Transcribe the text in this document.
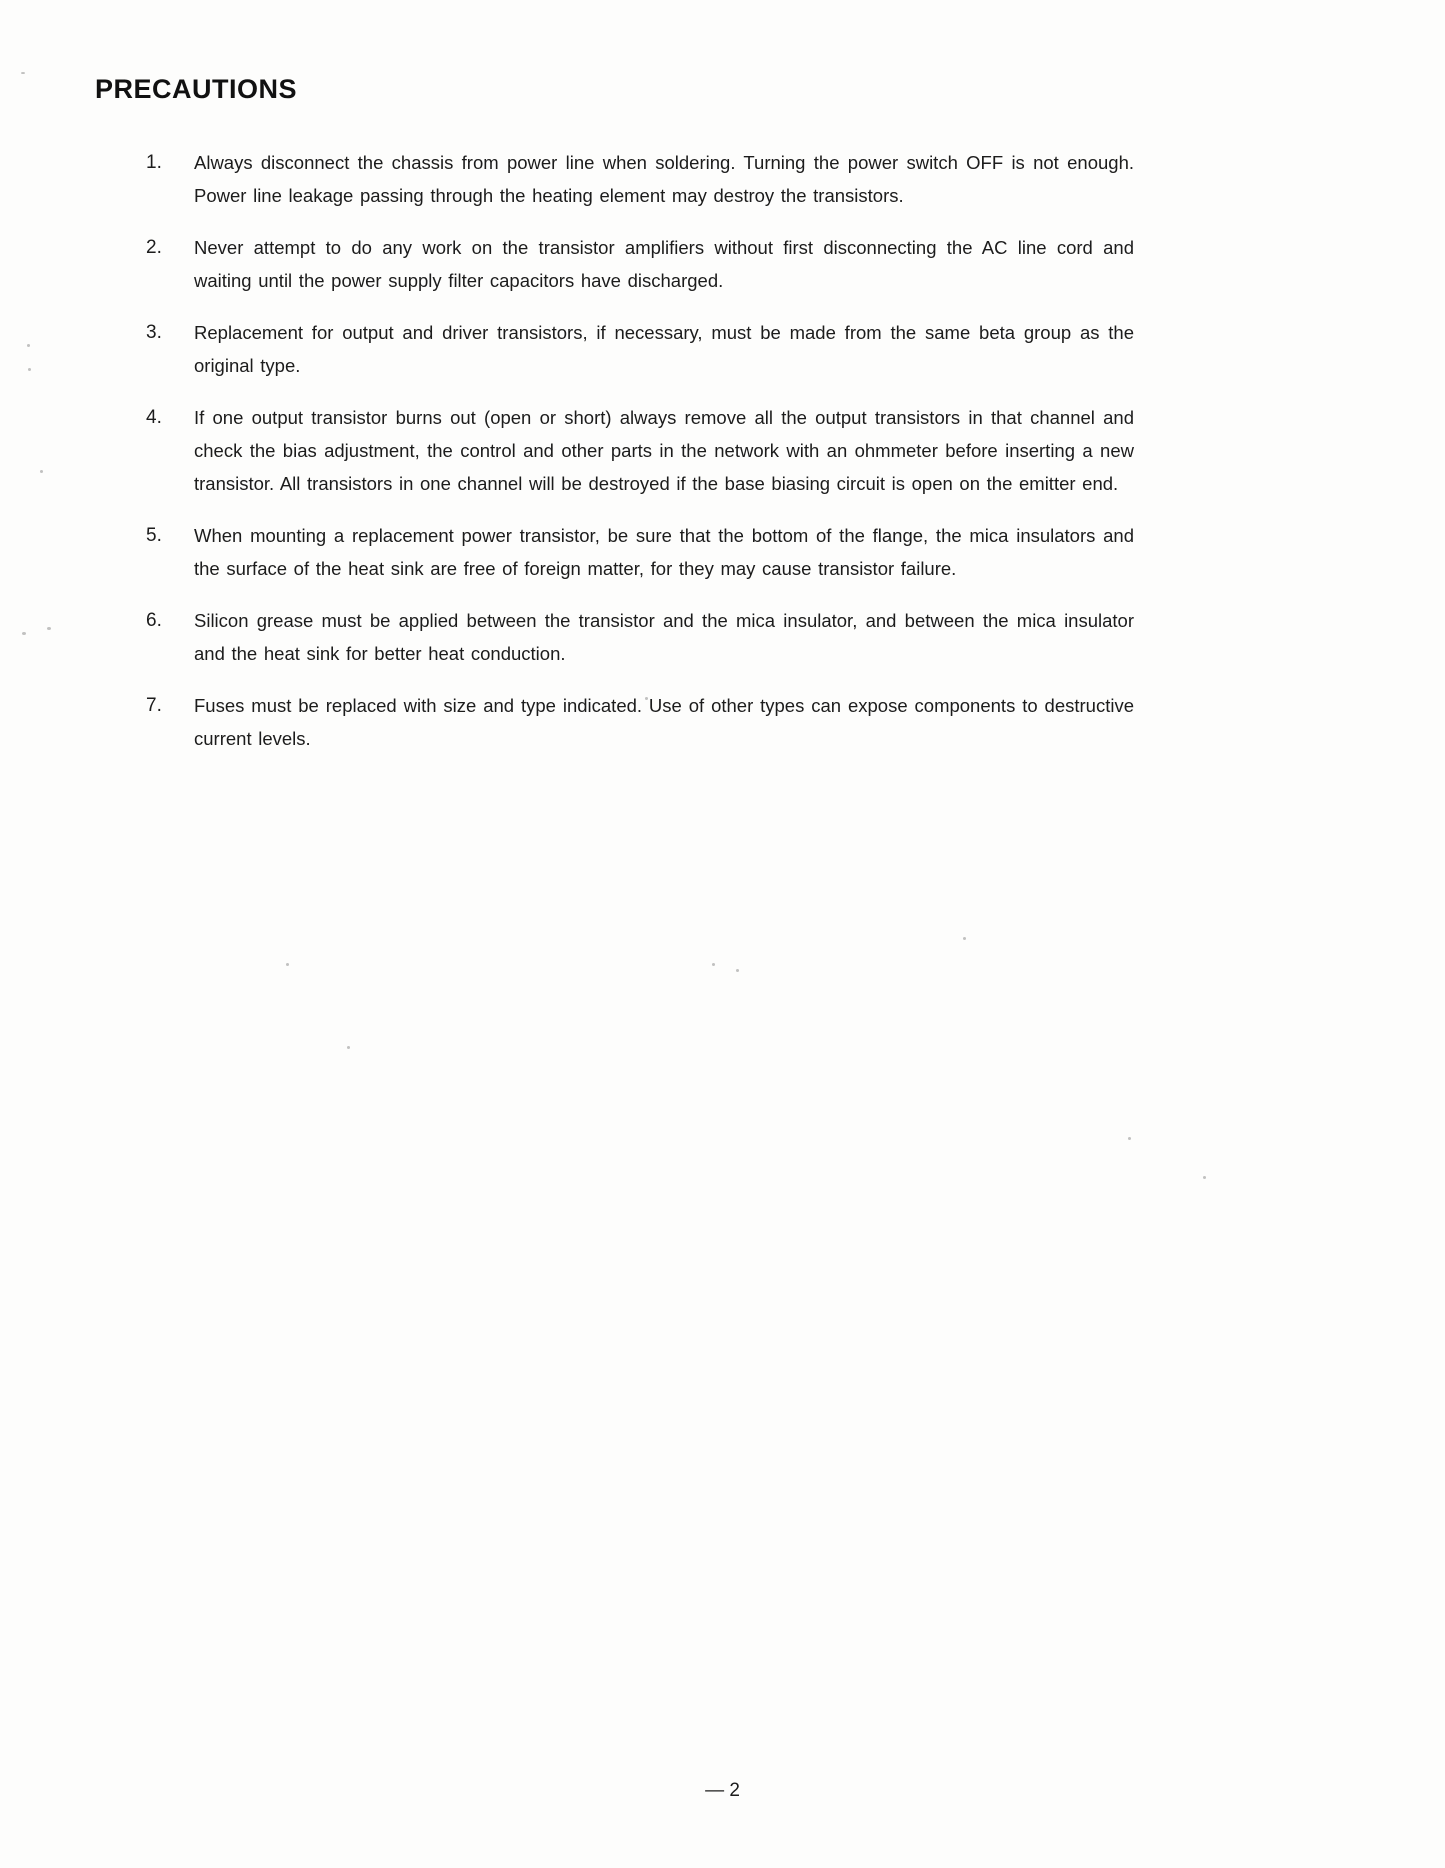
PRECAUTIONS
1.	Always disconnect the chassis from power line when soldering. Turning the power switch OFF is not enough. Power line leakage passing through the heating element may destroy the transistors.
2.	Never attempt to do any work on the transistor amplifiers without first disconnecting the AC line cord and waiting until the power supply filter capacitors have discharged.
3.	Replacement for output and driver transistors, if necessary, must be made from the same beta group as the original type.
4.	If one output transistor burns out (open or short) always remove all the output transistors in that channel and check the bias adjustment, the control and other parts in the network with an ohmmeter before inserting a new transistor. All transistors in one channel will be destroyed if the base biasing circuit is open on the emitter end.
5.	When mounting a replacement power transistor, be sure that the bottom of the flange, the mica insulators and the surface of the heat sink are free of foreign matter, for they may cause transistor failure.
6.	Silicon grease must be applied between the transistor and the mica insulator, and between the mica insulator and the heat sink for better heat conduction.
7.	Fuses must be replaced with size and type indicated. Use of other types can expose components to destructive current levels.
— 2
